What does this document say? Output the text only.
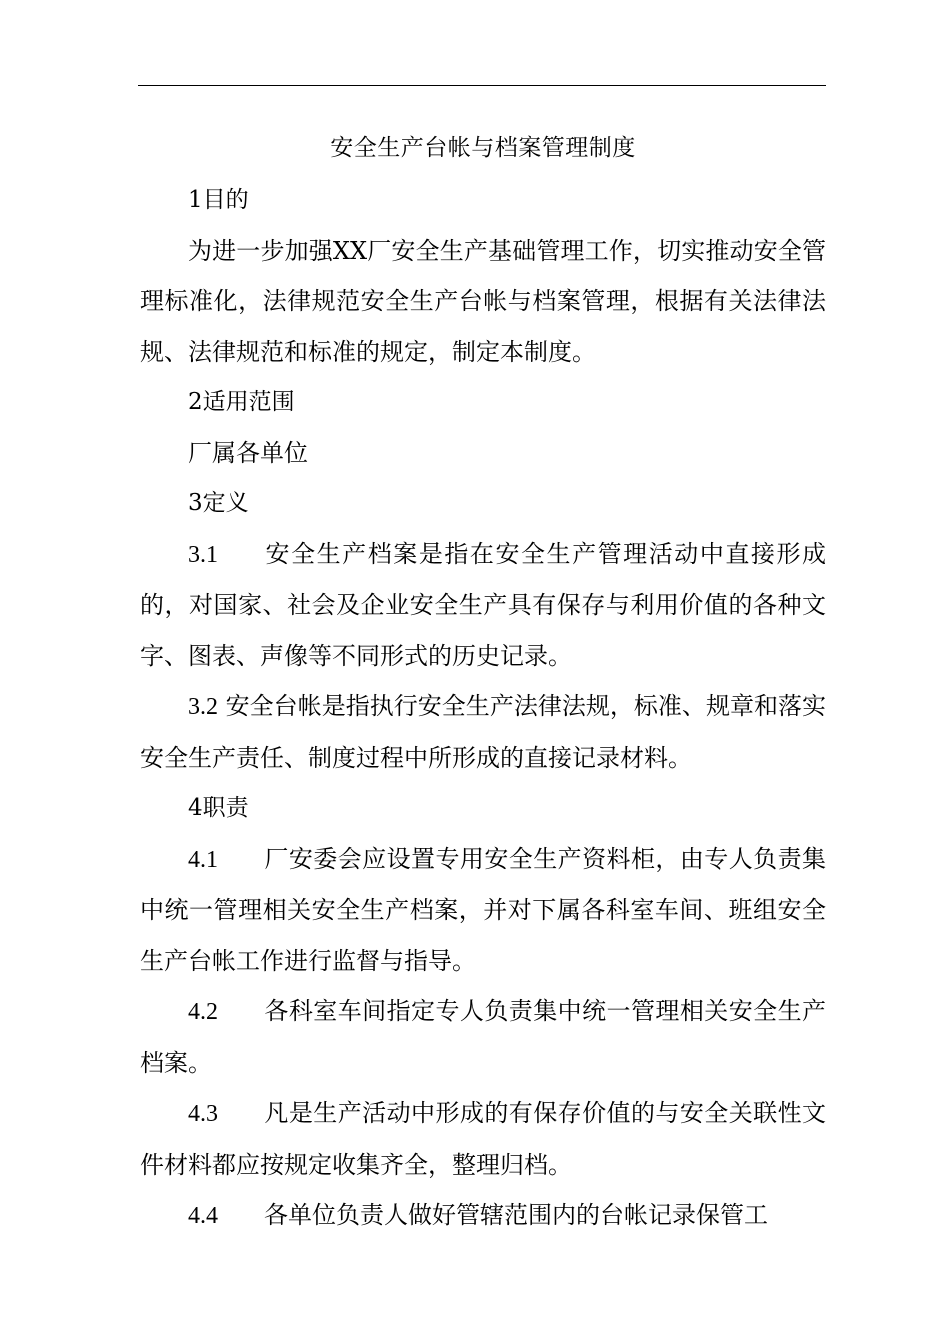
安全生产台帐与档案管理制度

1目的

为进一步加强XX厂安全生产基础管理工作，切实推动安全管理标准化，法律规范安全生产台帐与档案管理，根据有关法律法规、法律规范和标准的规定，制定本制度。

2适用范围

厂属各单位

3定义

3.1 安全生产档案是指在安全生产管理活动中直接形成的，对国家、社会及企业安全生产具有保存与利用价值的各种文字、图表、声像等不同形式的历史记录。

3.2 安全台帐是指执行安全生产法律法规，标准、规章和落实安全生产责任、制度过程中所形成的直接记录材料。

4职责

4.1 厂安委会应设置专用安全生产资料柜，由专人负责集中统一管理相关安全生产档案，并对下属各科室车间、班组安全生产台帐工作进行监督与指导。

4.2 各科室车间指定专人负责集中统一管理相关安全生产档案。

4.3 凡是生产活动中形成的有保存价值的与安全关联性文件材料都应按规定收集齐全，整理归档。

4.4 各单位负责人做好管辖范围内的台帐记录保管工
